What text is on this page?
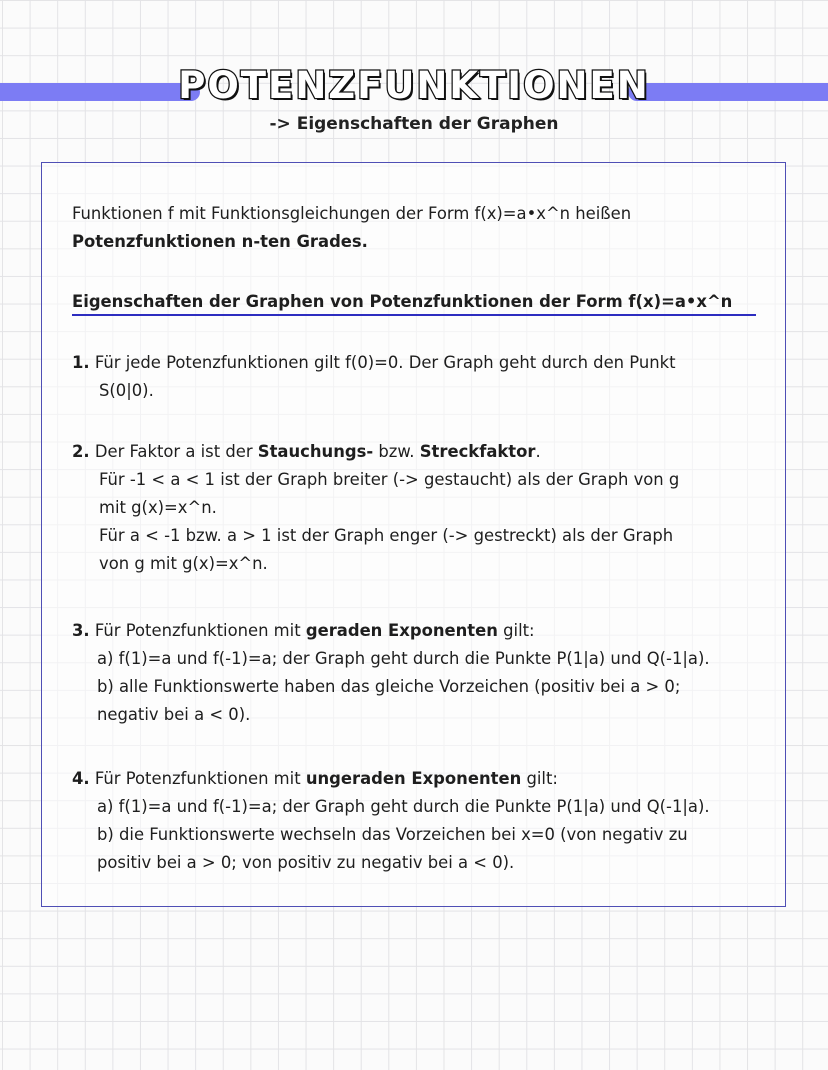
POTENZFUNKTIONEN
-> Eigenschaften der Graphen
Funktionen f mit Funktionsgleichungen der Form f(x)=a•x^n heißen
Potenzfunktionen n-ten Grades.
Eigenschaften der Graphen von Potenzfunktionen der Form f(x)=a•x^n
1. Für jede Potenzfunktionen gilt f(0)=0. Der Graph geht durch den Punkt
S(0|0).
2. Der Faktor a ist der Stauchungs- bzw. Streckfaktor.
Für -1 < a < 1 ist der Graph breiter (-> gestaucht) als der Graph von g
mit g(x)=x^n.
Für a < -1 bzw. a > 1 ist der Graph enger (-> gestreckt) als der Graph
von g mit g(x)=x^n.
3. Für Potenzfunktionen mit geraden Exponenten gilt:
a) f(1)=a und f(-1)=a; der Graph geht durch die Punkte P(1|a) und Q(-1|a).
b) alle Funktionswerte haben das gleiche Vorzeichen (positiv bei a > 0;
negativ bei a < 0).
4. Für Potenzfunktionen mit ungeraden Exponenten gilt:
a) f(1)=a und f(-1)=a; der Graph geht durch die Punkte P(1|a) und Q(-1|a).
b) die Funktionswerte wechseln das Vorzeichen bei x=0 (von negativ zu
positiv bei a > 0; von positiv zu negativ bei a < 0).
